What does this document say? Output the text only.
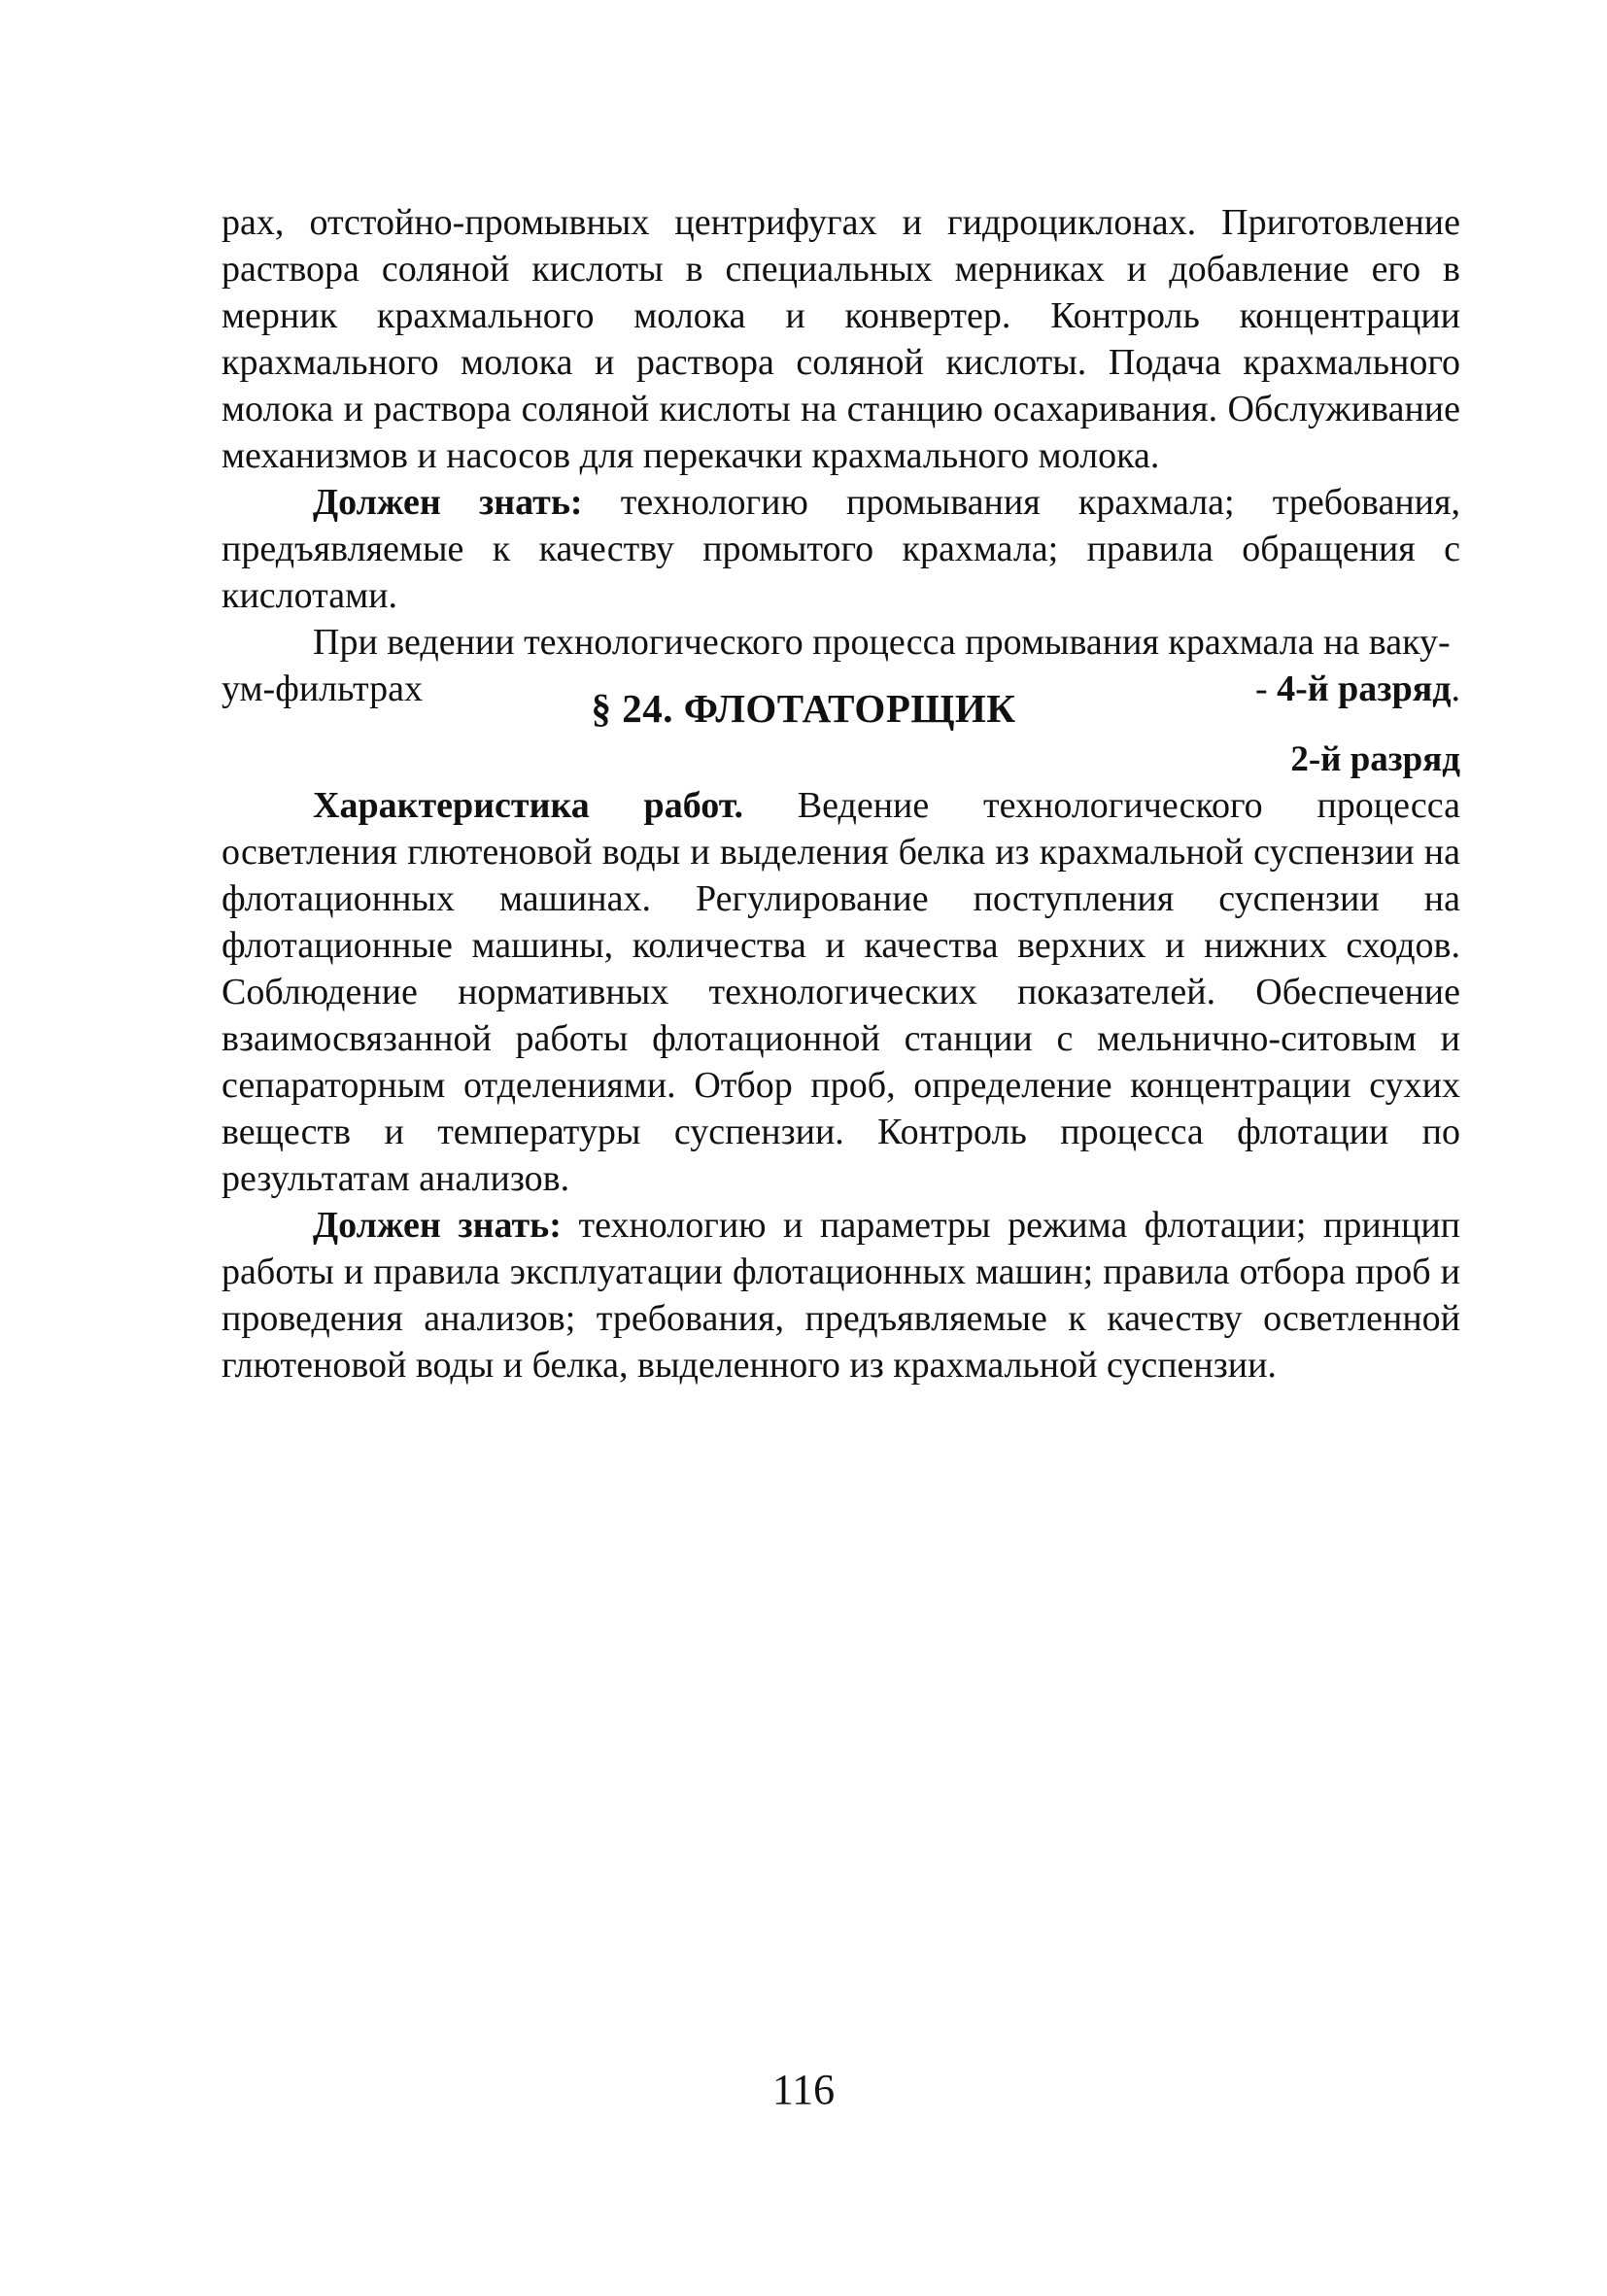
рах, отстойно-промывных центрифугах и гидроциклонах. Приготовление раствора соляной кислоты в специальных мерниках и добавление его в мерник крахмального молока и конвертер. Контроль концентрации крахмального молока и раствора соляной кислоты. Подача крахмального молока и раствора соляной кислоты на станцию осахаривания. Обслуживание механизмов и насосов для перекачки крахмального молока.

Должен знать: технологию промывания крахмала; требования, предъявляемые к качеству промытого крахмала; правила обращения с кислотами.

При ведении технологического процесса промывания крахмала на ваку-

ум-фильтрах	- 4-й разряд.
§ 24. ФЛОТАТОРЩИК
2-й разряд

Характеристика работ. Ведение технологического процесса осветления глютеновой воды и выделения белка из крахмальной суспензии на флотационных машинах. Регулирование поступления суспензии на флотационные машины, количества и качества верхних и нижних сходов. Соблюдение нормативных технологических показателей. Обеспечение взаимосвязанной работы флотационной станции с мельнично-ситовым и сепараторным отделениями. Отбор проб, определение концентрации сухих веществ и температуры суспензии. Контроль процесса флотации по результатам анализов.

Должен знать: технологию и параметры режима флотации; принцип работы и правила эксплуатации флотационных машин; правила отбора проб и проведения анализов; требования, предъявляемые к качеству осветленной глютеновой воды и белка, выделенного из крахмальной суспензии.

116
